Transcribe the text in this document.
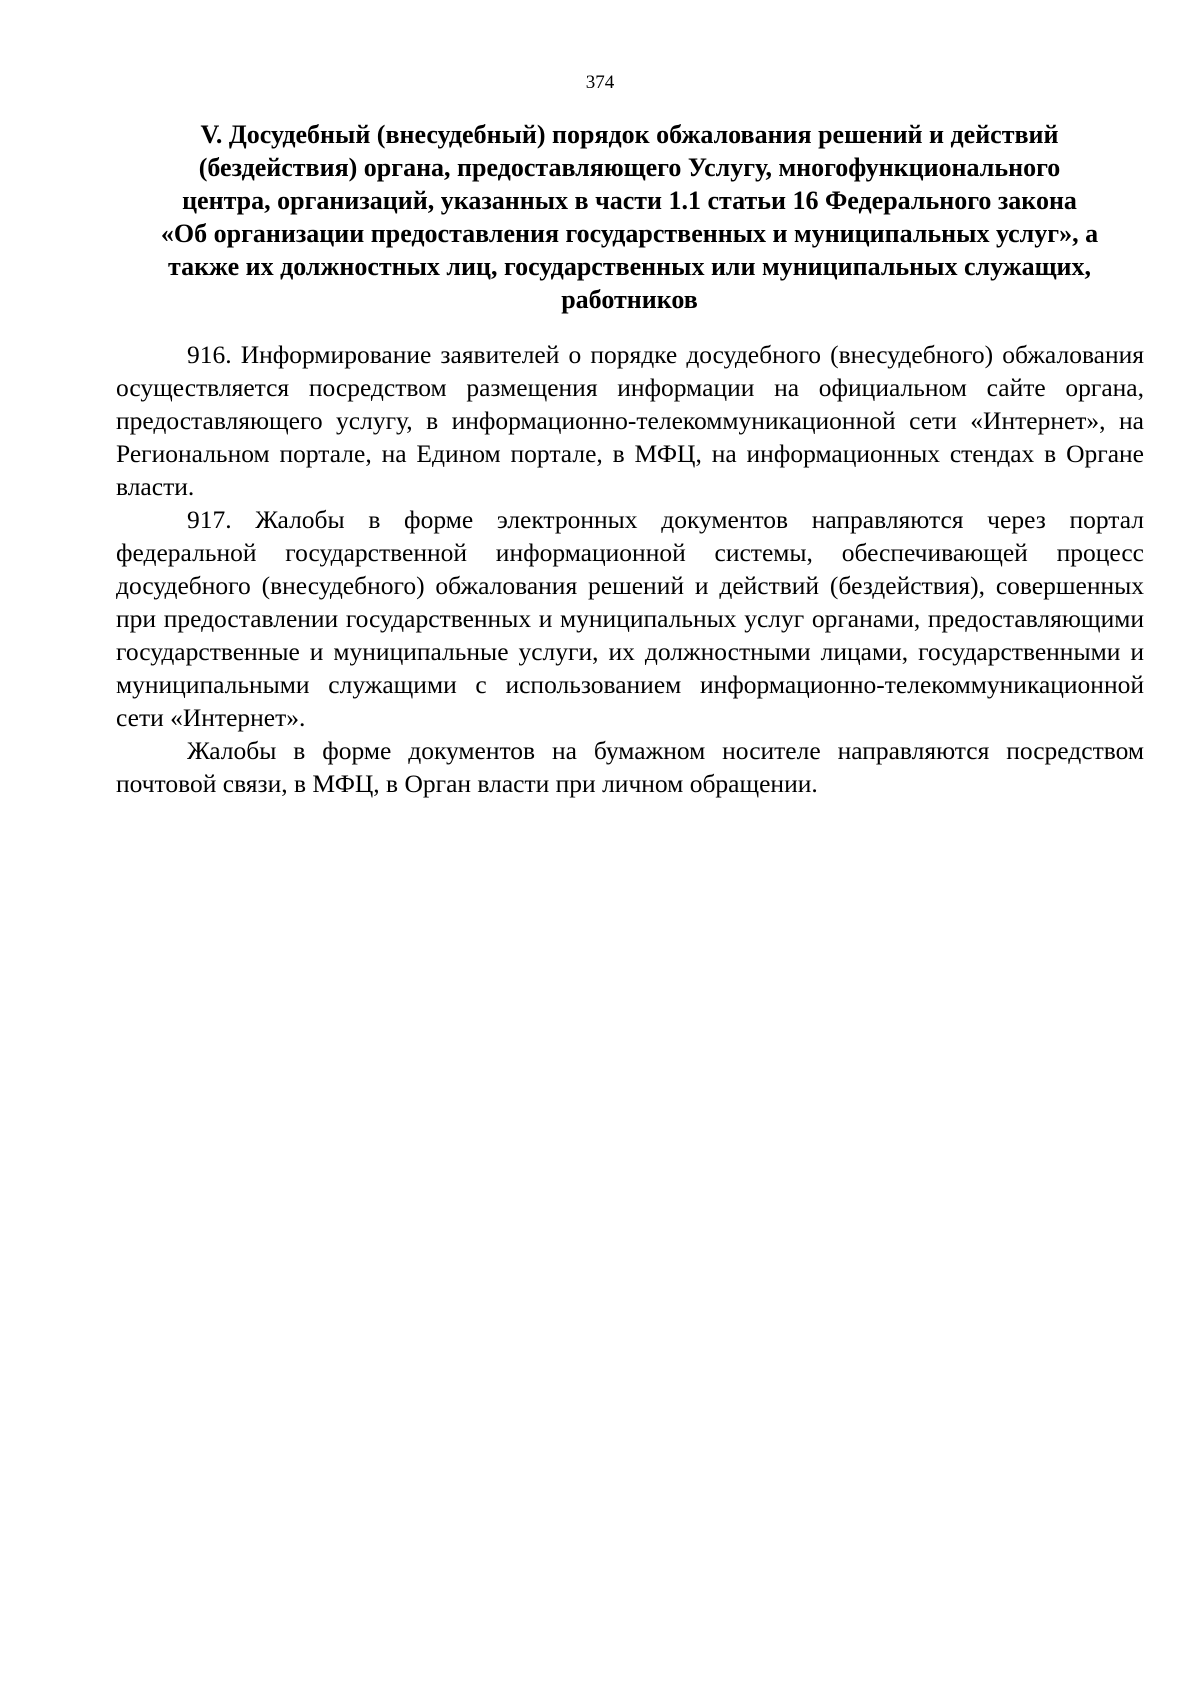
374
V. Досудебный (внесудебный) порядок обжалования решений и действий
(бездействия) органа, предоставляющего Услугу, многофункционального
центра, организаций, указанных в части 1.1 статьи 16 Федерального закона
«Об организации предоставления государственных и муниципальных услуг», а
также их должностных лиц, государственных или муниципальных служащих,
работников

916. Информирование заявителей о порядке досудебного (внесудебного) обжалования осуществляется посредством размещения информации на официальном сайте органа, предоставляющего услугу, в информационно-телекоммуникационной сети «Интернет», на Региональном портале, на Едином портале, в МФЦ, на информационных стендах в Органе власти.

917. Жалобы в форме электронных документов направляются через портал федеральной государственной информационной системы, обеспечивающей процесс досудебного (внесудебного) обжалования решений и действий (бездействия), совершенных при предоставлении государственных и муниципальных услуг органами, предоставляющими государственные и муниципальные услуги, их должностными лицами, государственными и муниципальными служащими с использованием информационно-телекоммуникационной сети «Интернет».

Жалобы в форме документов на бумажном носителе направляются посредством почтовой связи, в МФЦ, в Орган власти при личном обращении.
